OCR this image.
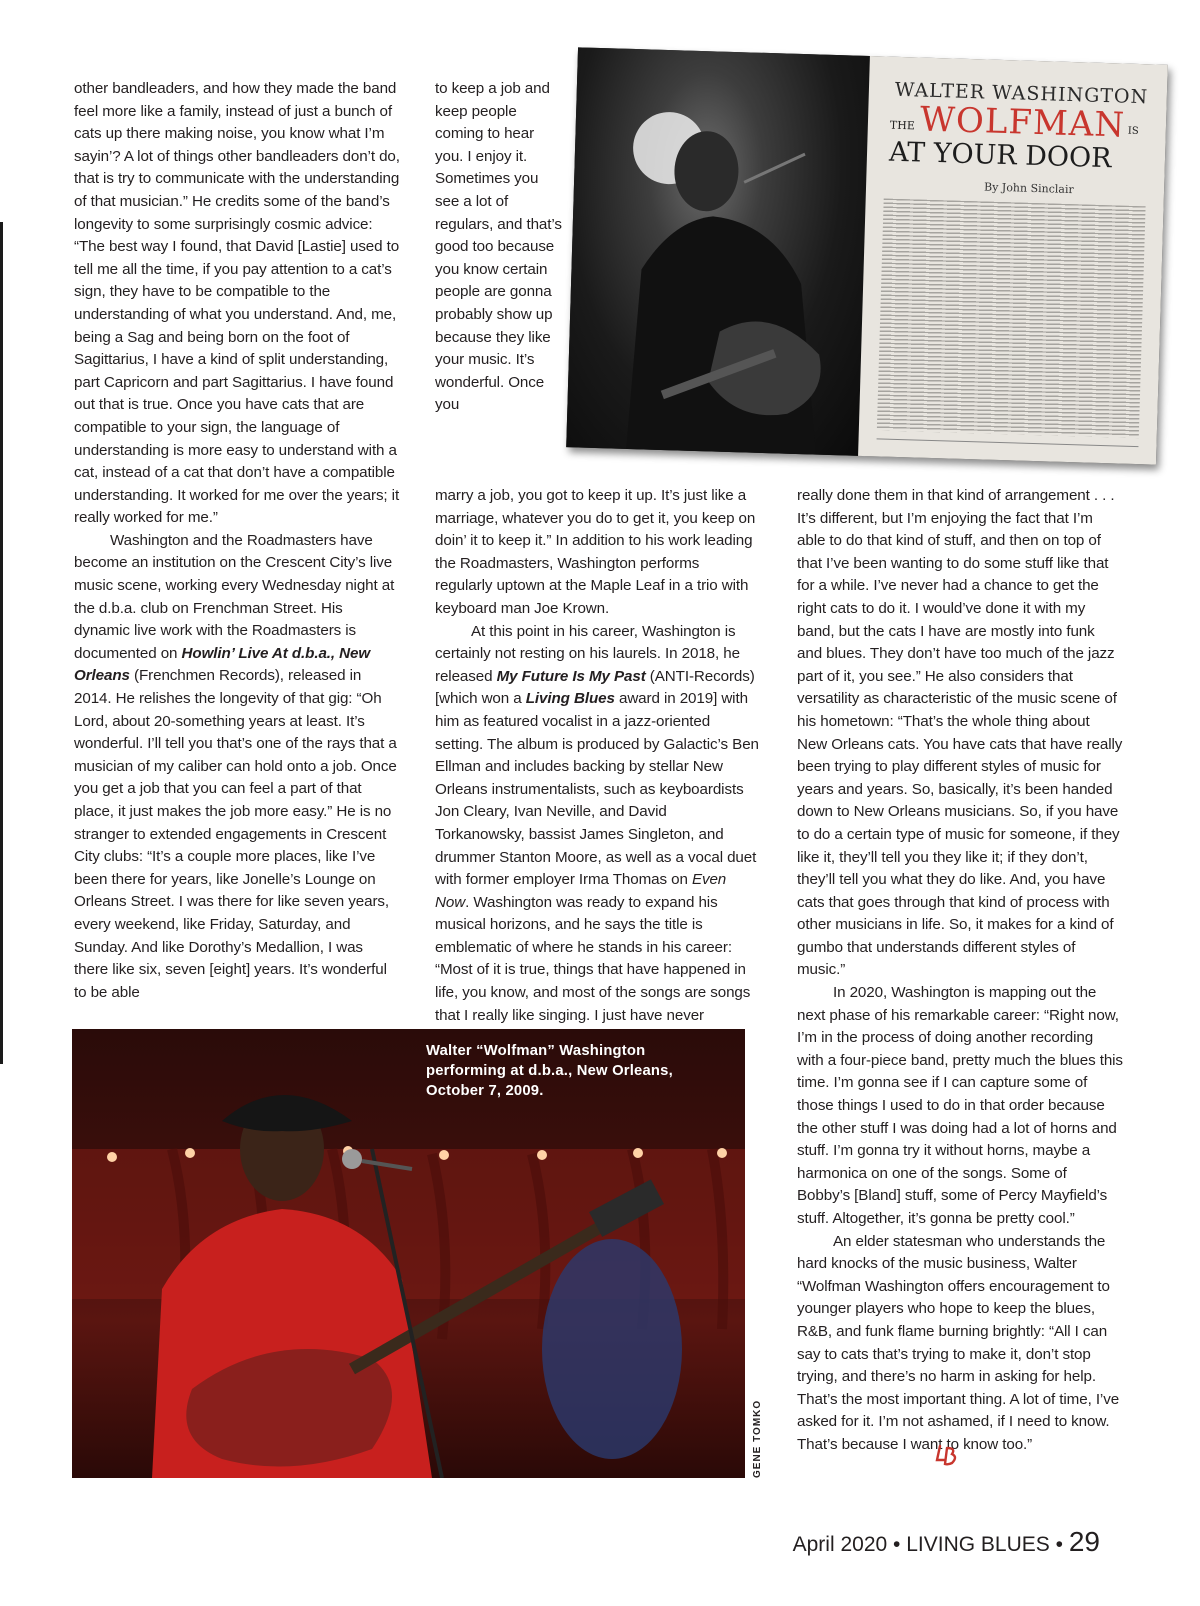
other bandleaders, and how they made the band feel more like a family, instead of just a bunch of cats up there making noise, you know what I’m sayin’? A lot of things other bandleaders don’t do, that is try to communicate with the understanding of that musician.” He credits some of the band’s longevity to some surprisingly cosmic advice: “The best way I found, that David [Lastie] used to tell me all the time, if you pay attention to a cat’s sign, they have to be compatible to the understanding of what you understand. And, me, being a Sag and being born on the foot of Sagittarius, I have a kind of split understanding, part Capricorn and part Sagittarius. I have found out that is true. Once you have cats that are compatible to your sign, the language of understanding is more easy to understand with a cat, instead of a cat that don’t have a compatible understanding. It worked for me over the years; it really worked for me.”

Washington and the Roadmasters have become an institution on the Crescent City’s live music scene, working every Wednesday night at the d.b.a. club on Frenchman Street. His dynamic live work with the Roadmasters is documented on Howlin’ Live At d.b.a., New Orleans (Frenchmen Records), released in 2014. He relishes the longevity of that gig: “Oh Lord, about 20-something years at least. It’s wonderful. I’ll tell you that’s one of the rays that a musician of my caliber can hold onto a job. Once you get a job that you can feel a part of that place, it just makes the job more easy.” He is no stranger to extended engagements in Crescent City clubs: “It’s a couple more places, like I’ve been there for years, like Jonelle’s Lounge on Orleans Street. I was there for like seven years, every weekend, like Friday, Saturday, and Sunday. And like Dorothy’s Medallion, I was there like six, seven [eight] years. It’s wonderful to be able

to keep a job and keep people coming to hear you. I enjoy it. Sometimes you see a lot of regulars, and that’s good too because you know certain people are gonna probably show up because they like your music. It’s wonderful. Once you

marry a job, you got to keep it up. It’s just like a marriage, whatever you do to get it, you keep on doin’ it to keep it.” In addition to his work leading the Roadmasters, Washington performs regularly uptown at the Maple Leaf in a trio with keyboard man Joe Krown.

At this point in his career, Washington is certainly not resting on his laurels. In 2018, he released My Future Is My Past (ANTI-Records) [which won a Living Blues award in 2019] with him as featured vocalist in a jazz-oriented setting. The album is produced by Galactic’s Ben Ellman and includes backing by stellar New Orleans instrumentalists, such as keyboardists Jon Cleary, Ivan Neville, and David Torkanowsky, bassist James Singleton, and drummer Stanton Moore, as well as a vocal duet with former employer Irma Thomas on Even Now. Washington was ready to expand his musical horizons, and he says the title is emblematic of where he stands in his career: “Most of it is true, things that have happened in life, you know, and most of the songs are songs that I really like singing. I just have never

really done them in that kind of arrangement . . . It’s different, but I’m enjoying the fact that I’m able to do that kind of stuff, and then on top of that I’ve been wanting to do some stuff like that for a while. I’ve never had a chance to get the right cats to do it. I would’ve done it with my band, but the cats I have are mostly into funk and blues. They don’t have too much of the jazz part of it, you see.” He also considers that versatility as characteristic of the music scene of his hometown: “That’s the whole thing about New Orleans cats. You have cats that have really been trying to play different styles of music for years and years. So, basically, it’s been handed down to New Orleans musicians. So, if you have to do a certain type of music for someone, if they like it, they’ll tell you they like it; if they don’t, they’ll tell you what they do like. And, you have cats that goes through that kind of process with other musicians in life. So, it makes for a kind of gumbo that understands different styles of music.”

In 2020, Washington is mapping out the next phase of his remarkable career: “Right now, I’m in the process of doing another recording with a four-piece band, pretty much the blues this time. I’m gonna see if I can capture some of those things I used to do in that order because the other stuff I was doing had a lot of horns and stuff. I’m gonna try it without horns, maybe a harmonica on one of the songs. Some of Bobby’s [Bland] stuff, some of Percy Mayfield’s stuff. Altogether, it’s gonna be pretty cool.”

An elder statesman who understands the hard knocks of the music business, Walter “Wolfman Washington offers encouragement to younger players who hope to keep the blues, R&B, and funk flame burning brightly: “All I can say to cats that’s trying to make it, don’t stop trying, and there’s no harm in asking for help. That’s the most important thing. A lot of time, I’ve asked for it. I’m not ashamed, if I need to know. That’s because I want to know too.”

WALTER WASHINGTON
THE WOLFMAN IS
AT YOUR DOOR
By John Sinclair
Walter “Wolfman” Washington performing at d.b.a., New Orleans, October 7, 2009.
GENE TOMKO
April 2020 • LIVING BLUES • 29
